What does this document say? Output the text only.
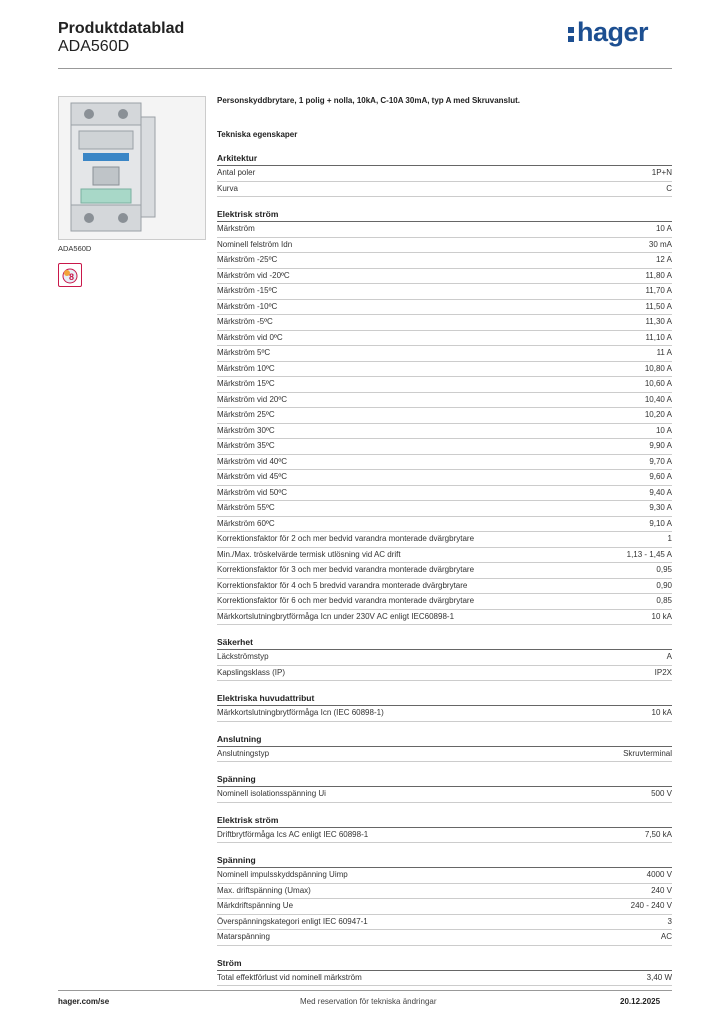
Produktdatablad
ADA560D	hager
ADA560D
8
Personskyddbrytare, 1 polig + nolla, 10kA, C-10A 30mA, typ A med Skruvanslut.
Tekniska egenskaper
Arkitektur
Antal poler	1P+N
Kurva	C
Elektrisk ström
Märkström	10 A
Nominell felström Idn	30 mA
Märkström -25ºC	12 A
Märkström vid -20ºC	11,80 A
Märkström -15ºC	11,70 A
Märkström -10ºC	11,50 A
Märkström -5ºC	11,30 A
Märkström vid 0ºC	11,10 A
Märkström 5ºC	11 A
Märkström 10ºC	10,80 A
Märkström 15ºC	10,60 A
Märkström vid 20ºC	10,40 A
Märkström 25ºC	10,20 A
Märkström 30ºC	10 A
Märkström 35ºC	9,90 A
Märkström vid 40ºC	9,70 A
Märkström vid 45ºC	9,60 A
Märkström vid 50ºC	9,40 A
Märkström 55ºC	9,30 A
Märkström 60ºC	9,10 A
Korrektionsfaktor för 2 och mer bedvid varandra monterade dvärgbrytare	1
Min./Max. tröskelvärde termisk utlösning vid AC drift	1,13 - 1,45 A
Korrektionsfaktor för 3 och mer bedvid varandra monterade dvärgbrytare	0,95
Korrektionsfaktor för 4 och 5 bredvid varandra monterade dvärgbrytare	0,90
Korrektionsfaktor för 6 och mer bedvid varandra monterade dvärgbrytare	0,85
Märkkortslutningbrytförmåga Icn under 230V AC enligt IEC60898-1	10 kA
Säkerhet
Läckströmstyp	A
Kapslingsklass (IP)	IP2X
Elektriska huvudattribut
Märkkortslutningbrytförmåga Icn (IEC 60898-1)	10 kA
Anslutning
Anslutningstyp	Skruvterminal
Spänning
Nominell isolationsspänning Ui	500 V
Elektrisk ström
Driftbrytförmåga Ics AC enligt IEC 60898-1	7,50 kA
Spänning
Nominell impulsskyddspänning Uimp	4000 V
Max. driftspänning (Umax)	240 V
Märkdriftspänning Ue	240 - 240 V
Överspänningskategori enligt IEC 60947-1	3
Matarspänning	AC
Ström
Total effektförlust vid nominell märkström	3,40 W
hager.com/se	Med reservation för tekniska ändringar	20.12.2025
